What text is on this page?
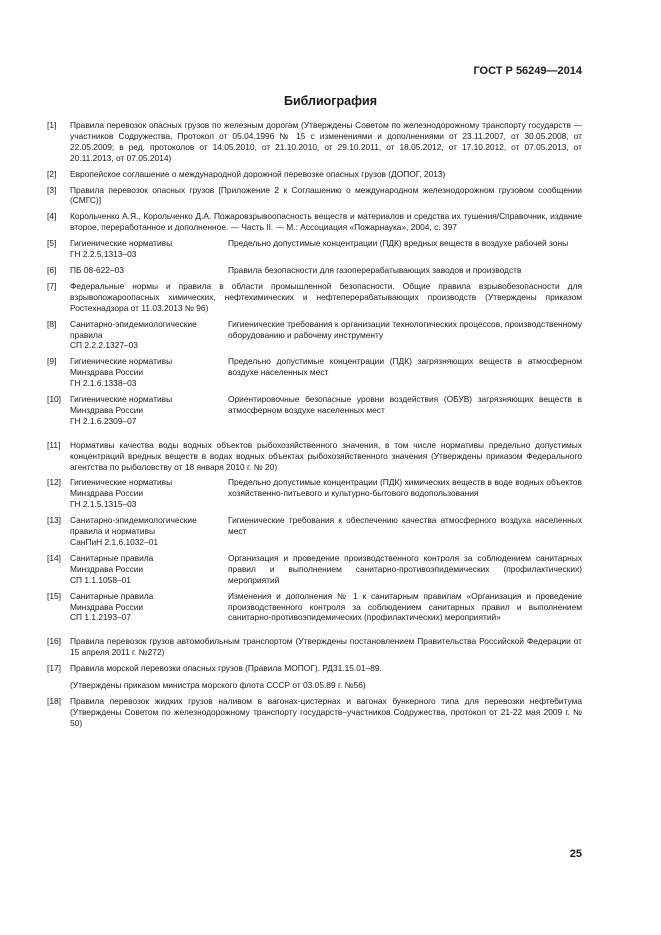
ГОСТ Р 56249—2014
Библиография
[1] Правила перевозок опасных грузов по железным дорогам (Утверждены Советом по железнодорожному транспорту государств — участников Содружества, Протокол от 05.04.1996 № 15 с изменениями и дополнениями от 23.11.2007, от 30.05.2008, от 22.05.2009; в ред. протоколов от 14.05.2010, от 21.10.2010, от 29.10.2011, от 18.05.2012, от 17.10.2012, от 07.05.2013, от 20.11.2013, от 07.05.2014)
[2] Европейское соглашение о международной дорожной перевозке опасных грузов (ДОПОГ, 2013)
[3] Правила перевозок опасных грузов [Приложение 2 к Соглашению о международном железнодорожном грузовом сообщении (СМГС)]
[4] Корольченко А.Я., Корольченко Д.А. Пожаровзрывоопасность веществ и материалов и средства их тушения/Справочник, издание второе, переработанное и дополненное. — Часть II. — М.: Ассоциация «Пожарнаука», 2004, с. 397
[5] Гигиенические нормативы
ГН 2.2.5.1313–03
Предельно допустимые концентрации (ПДК) вредных веществ в воздухе рабочей зоны
[6] ПБ 08-622–03	Правила безопасности для газоперерабатывающих заводов и производств
[7] Федеральные нормы и правила в области промышленной безопасности. Общие правила взрывобезопасности для взрывопожароопасных химических, нефтехимических и нефтеперерабатывающих производств (Утверждены приказом Ростехнадзора от 11.03.2013 № 96)
[8] Санитарно-эпидемиологические
правила
СП 2.2.2.1327–03
Гигиенические требования к организации технологических процессов, производственному оборудованию и рабочему инструменту
[9] Гигиенические нормативы
Минздрава России
ГН 2.1.6.1338–03
Предельно допустимые концентрации (ПДК) загрязняющих веществ в атмосферном воздухе населенных мест
[10] Гигиенические нормативы
Минздрава России
ГН 2.1.6.2309–07
Ориентировочные безопасные уровни воздействия (ОБУВ) загрязняющих веществ в атмосферном воздухе населенных мест
[11] Нормативы качества воды водных объектов рыбохозяйственного значения, в том числе нормативы предельно допустимых концентраций вредных веществ в водах водных объектах рыбохозяйственного значения (Утверждены приказом Федерального агентства по рыболовству от 18 января 2010 г. № 20)
[12] Гигиенические нормативы
Минздрава России
ГН 2.1.5.1315–03
Предельно допустимые концентрации (ПДК) химических веществ в воде водных объектов хозяйственно-питьевого и культурно-бытового водопользования
[13] Санитарно-эпидемиологические
правила и нормативы
СанПиН 2.1.6.1032–01
Гигиенические требования к обеспечению качества атмосферного воздуха населенных мест
[14] Санитарные правила
Минздрава России
СП 1.1.1058–01
Организация и проведение производственного контроля за соблюдением санитарных правил и выполнением санитарно-противоэпидемических (профилактических) мероприятий
[15] Санитарные правила
Минздрава России
СП 1.1.2193–07
Изменения и дополнения № 1 к санитарным правилам «Организация и проведение производственного контроля за соблюдением санитарных правил и выполнением санитарно-противоэпидемических (профилактических) мероприятий»
[16] Правила перевозок грузов автомобильным транспортом (Утверждены постановлением Правительства Российской Федерации от 15 апреля 2011 г. №272)
[17] Правила морской перевозки опасных грузов (Правила МОПОГ). РД31.15.01–89.
(Утверждены приказом министра морского флота СССР от 03.05.89 г. №56)
[18] Правила перевозок жидких грузов наливом в вагонах-цистернах и вагонах бункерного типа для перевозки нефтебитума (Утверждены Советом по железнодорожному транспорту государств–участников Содружества, протокол от 21-22 мая 2009 г. № 50)
25
